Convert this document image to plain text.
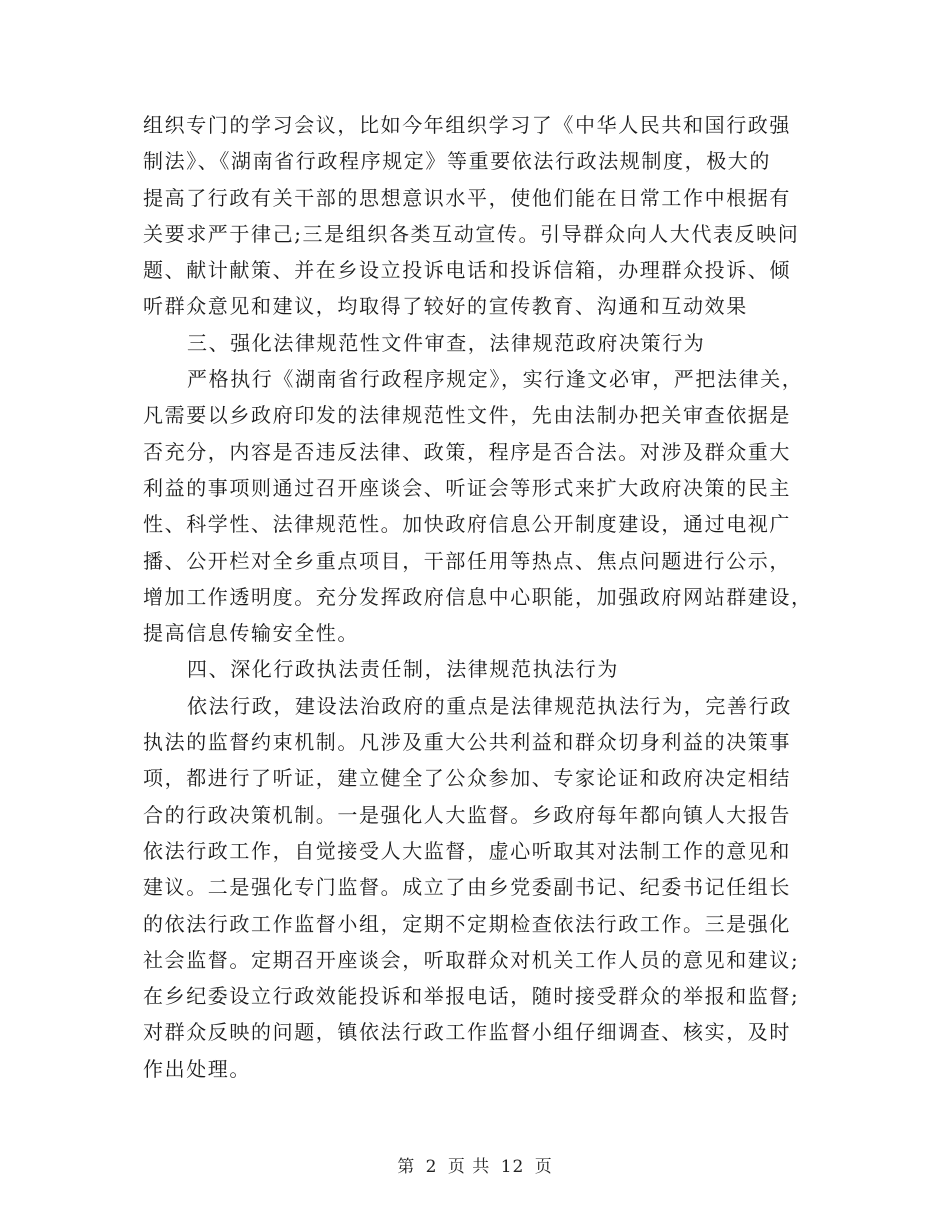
组织专门的学习会议，比如今年组织学习了《中华人民共和国行政强
制法》、《湖南省行政程序规定》等重要依法行政法规制度，极大的
提高了行政有关干部的思想意识水平，使他们能在日常工作中根据有
关要求严于律己;三是组织各类互动宣传。引导群众向人大代表反映问
题、献计献策、并在乡设立投诉电话和投诉信箱，办理群众投诉、倾
听群众意见和建议，均取得了较好的宣传教育、沟通和互动效果
三、强化法律规范性文件审查，法律规范政府决策行为
严格执行《湖南省行政程序规定》，实行逢文必审，严把法律关，
凡需要以乡政府印发的法律规范性文件，先由法制办把关审查依据是
否充分，内容是否违反法律、政策，程序是否合法。对涉及群众重大
利益的事项则通过召开座谈会、听证会等形式来扩大政府决策的民主
性、科学性、法律规范性。加快政府信息公开制度建设，通过电视广
播、公开栏对全乡重点项目，干部任用等热点、焦点问题进行公示，
增加工作透明度。充分发挥政府信息中心职能，加强政府网站群建设，
提高信息传输安全性。
四、深化行政执法责任制，法律规范执法行为
依法行政，建设法治政府的重点是法律规范执法行为，完善行政
执法的监督约束机制。凡涉及重大公共利益和群众切身利益的决策事
项，都进行了听证，建立健全了公众参加、专家论证和政府决定相结
合的行政决策机制。一是强化人大监督。乡政府每年都向镇人大报告
依法行政工作，自觉接受人大监督，虚心听取其对法制工作的意见和
建议。二是强化专门监督。成立了由乡党委副书记、纪委书记任组长
的依法行政工作监督小组，定期不定期检查依法行政工作。三是强化
社会监督。定期召开座谈会，听取群众对机关工作人员的意见和建议;
在乡纪委设立行政效能投诉和举报电话，随时接受群众的举报和监督;
对群众反映的问题，镇依法行政工作监督小组仔细调查、核实，及时
作出处理。
第 2 页 共 12 页
